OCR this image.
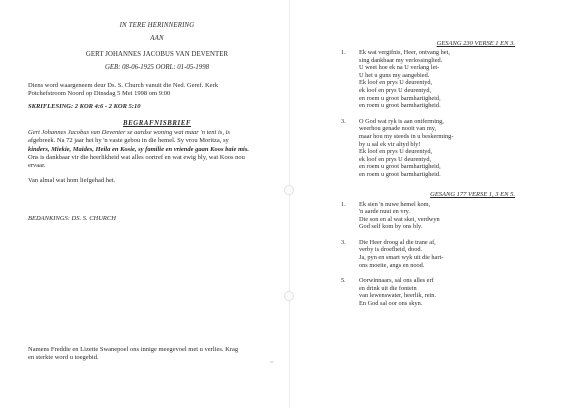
⌄
IN TERE HERINNERING
AAN
GERT JOHANNES JACOBUS VAN DEVENTER
GEB: 08-06-1925 OORL: 01-05-1998
Diens word waargeneem deur Ds. S. Church vanuit die Ned. Geref. Kerk
Potchefstroom Noord op Dinsdag 5 Mei 1998 om 9:00
SKRIFLESING: 2 KOR 4:6 - 2 KOR 5:10
BEGRAFNISBRIEF
Gert Johannes Jacobus van Deventer se aardse woning wat maar 'n tent is, is
afgebreek. Na 72 jaar het hy 'n vaste gebou in die hemel. Sy vrou Moritza, sy
kinders, Miekie, Maides, Heila en Kosie, sy familie en vriende gaan Koos baie mis.
Ons is dankbaar vir die heerlikheid wat alles oortref en wat ewig bly, wat Koos nou
ervaar.
Van almal wat hom liefgehad het.
BEDANKINGS: DS. S. CHURCH
Namens Freddie en Lizette Swanepoel ons innige meegevoel met u verlies. Krag
en sterkte word u toegebid.
GESANG 230 VERSE 1 EN 3.
1. Ek wat vergifnis, Heer, ontvang het,
sing dankbaar my verlossinglied.
U weet hoe ek na U verlang let-
U het u guns my aangebied.
Ek loof en prys U deurentyd,
ek loof en prys U deurentyd,
en roem u groot barmhartigheid,
en roem u groot barmhartigheid.
3. O God wat ryk is aan ontferming,
weerhou genade nooit van my,
maar hou my steeds in u beskerming-
by u sal ek vir altyd bly!
Ek loof en prys U deurentyd,
ek loof en prys U deurentyd,
en roem u groot barmhartigheid,
en roem u groot barmhartigheid.
GESANG 177 VERSE 1, 3 EN 5.
1. Ek sien 'n nuwe hemel kom,
'n aarde nuut en vry.
Die son en al wat skei, verdwyn
God self kom by ons bly.
3. Die Heer droog al die trane af,
verby is droefheid, dood.
Ja, pyn en smart wyk uit die hart-
ons moeite, angs en nood.
5. Oorwinnaars, sal ons alles erf
en drink uit die fontein
van lewenswater, heerlik, rein.
En God sal oor ons skyn.
